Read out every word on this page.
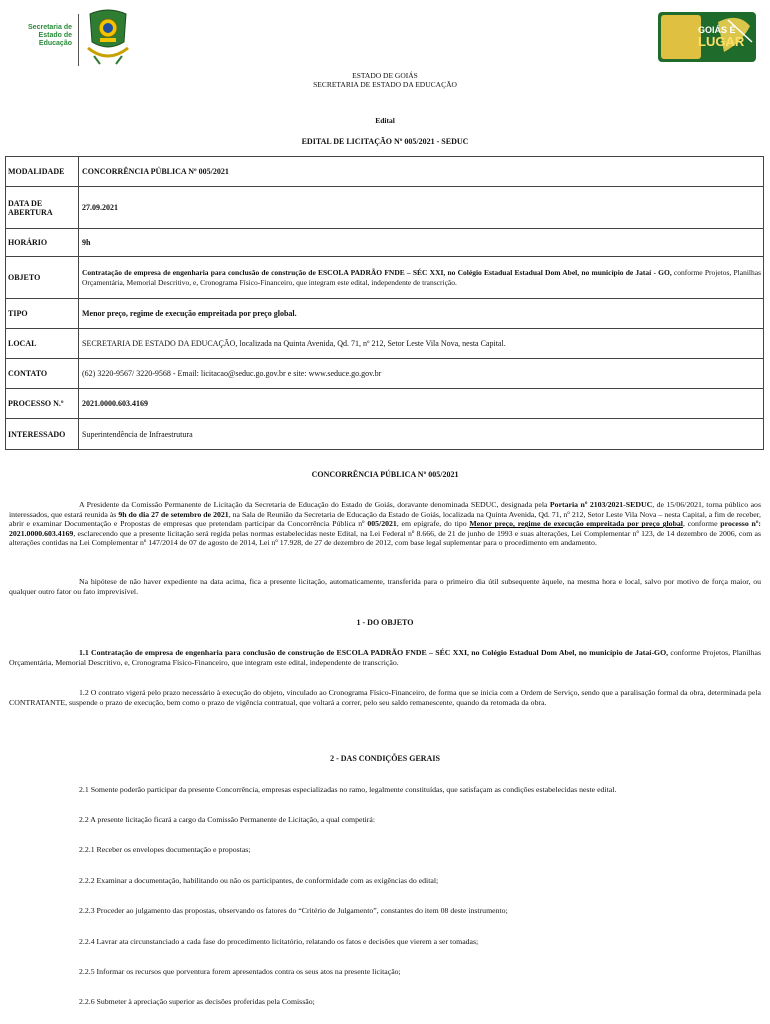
Secretaria de
Estado de
Educação
GOIÁS É
LUGAR
ESTADO DE GOIÁS
SECRETARIA DE ESTADO DA EDUCAÇÃO
Edital
EDITAL DE LICITAÇÃO Nº 005/2021 - SEDUC
MODALIDADE	CONCORRÊNCIA PÚBLICA Nº 005/2021
DATA DE ABERTURA	27.09.2021
HORÁRIO	9h
OBJETO	Contratação de empresa de engenharia para conclusão de construção de ESCOLA PADRÃO FNDE – SÉC XXI, no Colégio Estadual Estadual Dom Abel, no município de Jataí - GO, conforme Projetos, Planilhas Orçamentária, Memorial Descritivo, e, Cronograma Físico-Financeiro, que integram este edital, independente de transcrição.
TIPO	Menor preço, regime de execução empreitada por preço global.
LOCAL	SECRETARIA DE ESTADO DA EDUCAÇÃO, localizada na Quinta Avenida, Qd. 71, nº 212, Setor Leste Vila Nova, nesta Capital.
CONTATO	(62) 3220-9567/ 3220-9568 - Email: licitacao@seduc.go.gov.br e site: www.seduce.go.gov.br
PROCESSO N.º	2021.0000.603.4169
INTERESSADO	Superintendência de Infraestrutura
CONCORRÊNCIA PÚBLICA Nº 005/2021
A Presidente da Comissão Permanente de Licitação da Secretaria de Educação do Estado de Goiás, doravante denominada SEDUC, designada pela Portaria nº 2103/2021-SEDUC, de 15/06/2021, torna público aos interessados, que estará reunida às 9h do dia 27 de setembro de 2021, na Sala de Reunião da Secretaria de Educação da Estado de Goiás, localizada na Quinta Avenida, Qd. 71, nº 212, Setor Leste Vila Nova – nesta Capital, a fim de receber, abrir e examinar Documentação e Propostas de empresas que pretendam participar da Concorrência Pública nº 005/2021, em epígrafe, do tipo Menor preço, regime de execução empreitada por preço global, conforme processo nº: 2021.0000.603.4169, esclarecendo que a presente licitação será regida pelas normas estabelecidas neste Edital, na Lei Federal nº 8.666, de 21 de junho de 1993 e suas alterações, Lei Complementar nº 123, de 14 dezembro de 2006, com as alterações contidas na Lei Complementar nº 147/2014 de 07 de agosto de 2014, Lei nº 17.928, de 27 de dezembro de 2012, com base legal suplementar para o procedimento em andamento.
Na hipótese de não haver expediente na data acima, fica a presente licitação, automaticamente, transferida para o primeiro dia útil subsequente àquele, na mesma hora e local, salvo por motivo de força maior, ou qualquer outro fator ou fato imprevisível.
1 - DO OBJETO
1.1 Contratação de empresa de engenharia para conclusão de construção de ESCOLA PADRÃO FNDE – SÉC XXI, no Colégio Estadual Dom Abel, no município de Jataí-GO, conforme Projetos, Planilhas Orçamentária, Memorial Descritivo, e, Cronograma Físico-Financeiro, que integram este edital, independente de transcrição.
1.2 O contrato vigerá pelo prazo necessário à execução do objeto, vinculado ao Cronograma Físico-Financeiro, de forma que se inicia com a Ordem de Serviço, sendo que a paralisação formal da obra, determinada pela CONTRATANTE, suspende o prazo de execução, bem como o prazo de vigência contratual, que voltará a correr, pelo seu saldo remanescente, quando da retomada da obra.
2 - DAS CONDIÇÕES GERAIS
2.1 Somente poderão participar da presente Concorrência, empresas especializadas no ramo, legalmente constituídas, que satisfaçam as condições estabelecidas neste edital.
2.2 A presente licitação ficará a cargo da Comissão Permanente de Licitação, a qual competirá:
2.2.1 Receber os envelopes documentação e propostas;
2.2.2 Examinar a documentação, habilitando ou não os participantes, de conformidade com as exigências do edital;
2.2.3 Proceder ao julgamento das propostas, observando os fatores do “Critério de Julgamento”, constantes do item 08 deste instrumento;
2.2.4 Lavrar ata circunstanciado a cada fase do procedimento licitatório, relatando os fatos e decisões que vierem a ser tomadas;
2.2.5 Informar os recursos que porventura forem apresentados contra os seus atos na presente licitação;
2.2.6 Submeter à apreciação superior as decisões proferidas pela Comissão;
